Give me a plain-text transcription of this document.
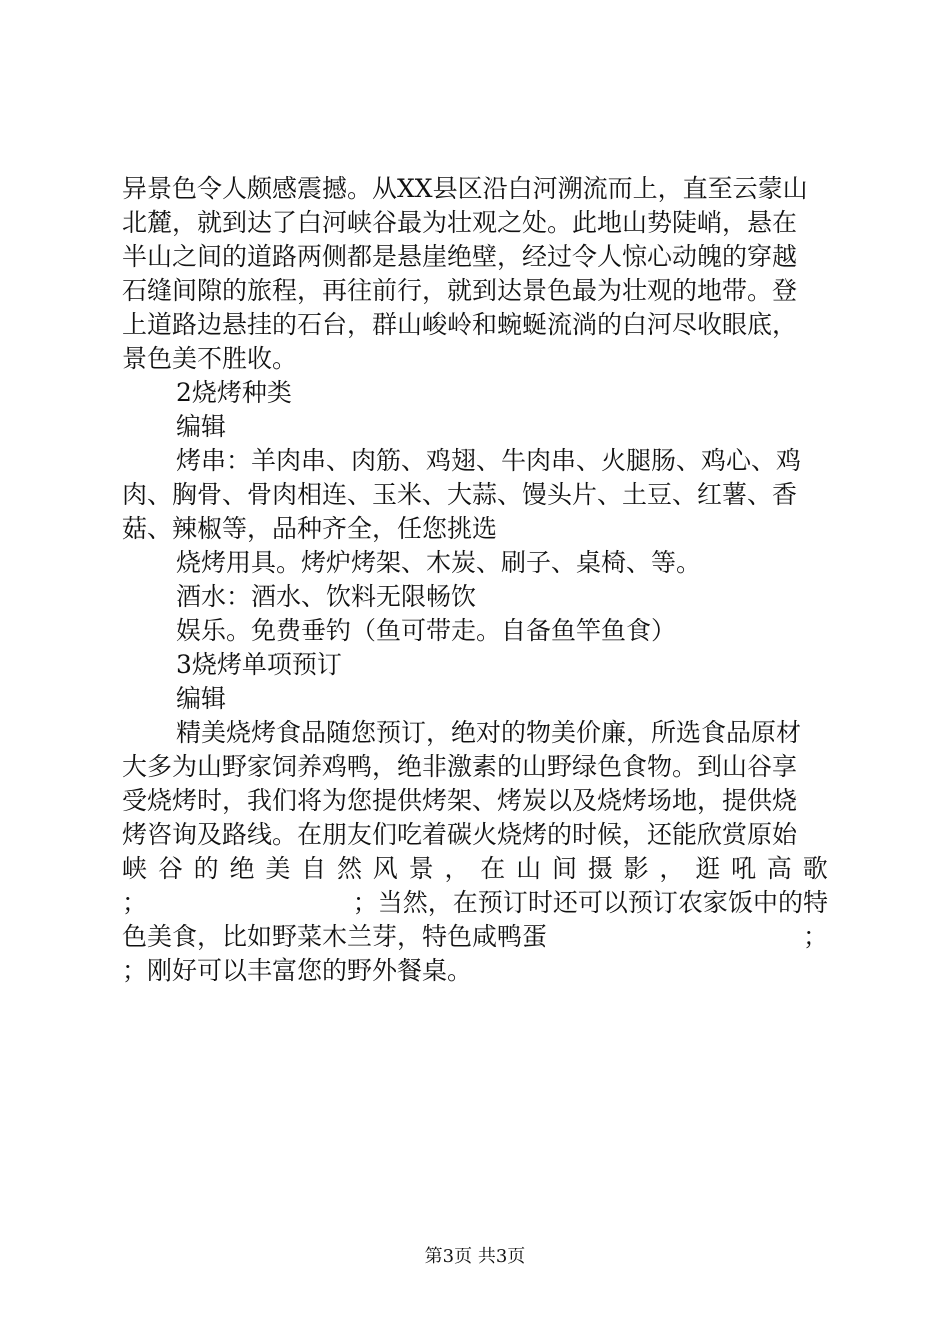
异景色令人颇感震撼。从XX县区沿白河溯流而上，直至云蒙山
北麓，就到达了白河峡谷最为壮观之处。此地山势陡峭，悬在
半山之间的道路两侧都是悬崖绝壁，经过令人惊心动魄的穿越
石缝间隙的旅程，再往前行，就到达景色最为壮观的地带。登
上道路边悬挂的石台，群山峻岭和蜿蜒流淌的白河尽收眼底，
景色美不胜收。
2烧烤种类
编辑
烤串：羊肉串、肉筋、鸡翅、牛肉串、火腿肠、鸡心、鸡
肉、胸骨、骨肉相连、玉米、大蒜、馒头片、土豆、红薯、香
菇、辣椒等，品种齐全，任您挑选
烧烤用具。烤炉烤架、木炭、刷子、桌椅、等。
酒水：酒水、饮料无限畅饮
娱乐。免费垂钓（鱼可带走。自备鱼竿鱼食）
3烧烤单项预订
编辑
精美烧烤食品随您预订，绝对的物美价廉，所选食品原材
大多为山野家饲养鸡鸭，绝非激素的山野绿色食物。到山谷享
受烧烤时，我们将为您提供烤架、烤炭以及烧烤场地，提供烧
烤咨询及路线。在朋友们吃着碳火烧烤的时候，还能欣赏原始
峡 谷 的 绝 美 自 然 风 景 ， 在 山 间 摄 影 ， 逛 吼 高 歌
；	； 当 然 ， 在 预 订 时 还 可 以 预 订 农 家 饭 中 的 特
色美食，比如野菜木兰芽，特色咸鸭蛋	；
；刚好可以丰富您的野外餐桌。
第3页 共3页
